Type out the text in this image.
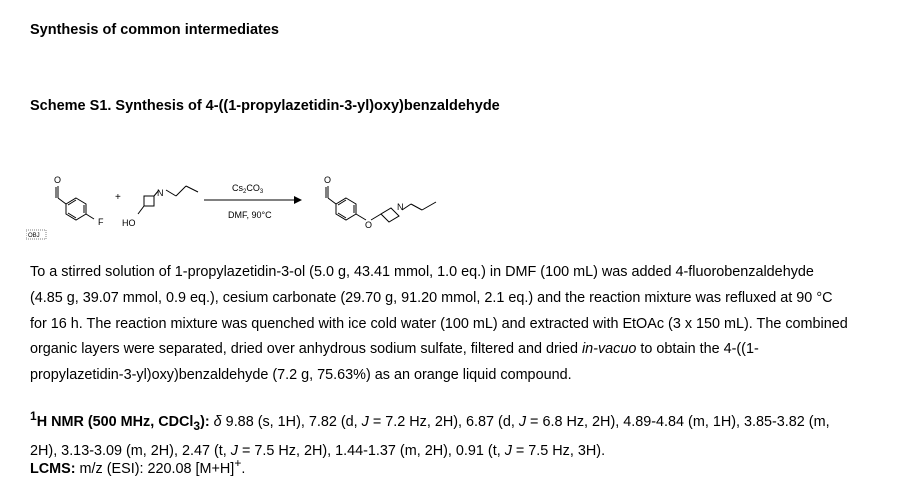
Synthesis of common intermediates
Scheme S1. Synthesis of 4-((1-propylazetidin-3-yl)oxy)benzaldehyde
O
F
+
HO
N	$Cs_2CO_3$
DMF, 90°C
O
O
N
OBJ
To a stirred solution of 1-propylazetidin-3-ol (5.0 g, 43.41 mmol, 1.0 eq.) in DMF (100 mL) was added 4-fluorobenzaldehyde
(4.85 g, 39.07 mmol, 0.9 eq.), cesium carbonate (29.70 g, 91.20 mmol, 2.1 eq.) and the reaction mixture was refluxed at 90 °C
for 16 h. The reaction mixture was quenched with ice cold water (100 mL) and extracted with EtOAc (3 x 150 mL). The combined
organic layers were separated, dried over anhydrous sodium sulfate, filtered and dried in-vacuo to obtain the 4-((1-
propylazetidin-3-yl)oxy)benzaldehyde (7.2 g, 75.63%) as an orange liquid compound.
$^1$H NMR (500 MHz, CDCl$_3$): δ 9.88 (s, 1H), 7.82 (d, J = 7.2 Hz, 2H), 6.87 (d, J = 6.8 Hz, 2H), 4.89-4.84 (m, 1H), 3.85-3.82 (m,
2H), 3.13-3.09 (m, 2H), 2.47 (t, J = 7.5 Hz, 2H), 1.44-1.37 (m, 2H), 0.91 (t, J = 7.5 Hz, 3H).
LCMS: m/z (ESI): 220.08 [M+H]+.
